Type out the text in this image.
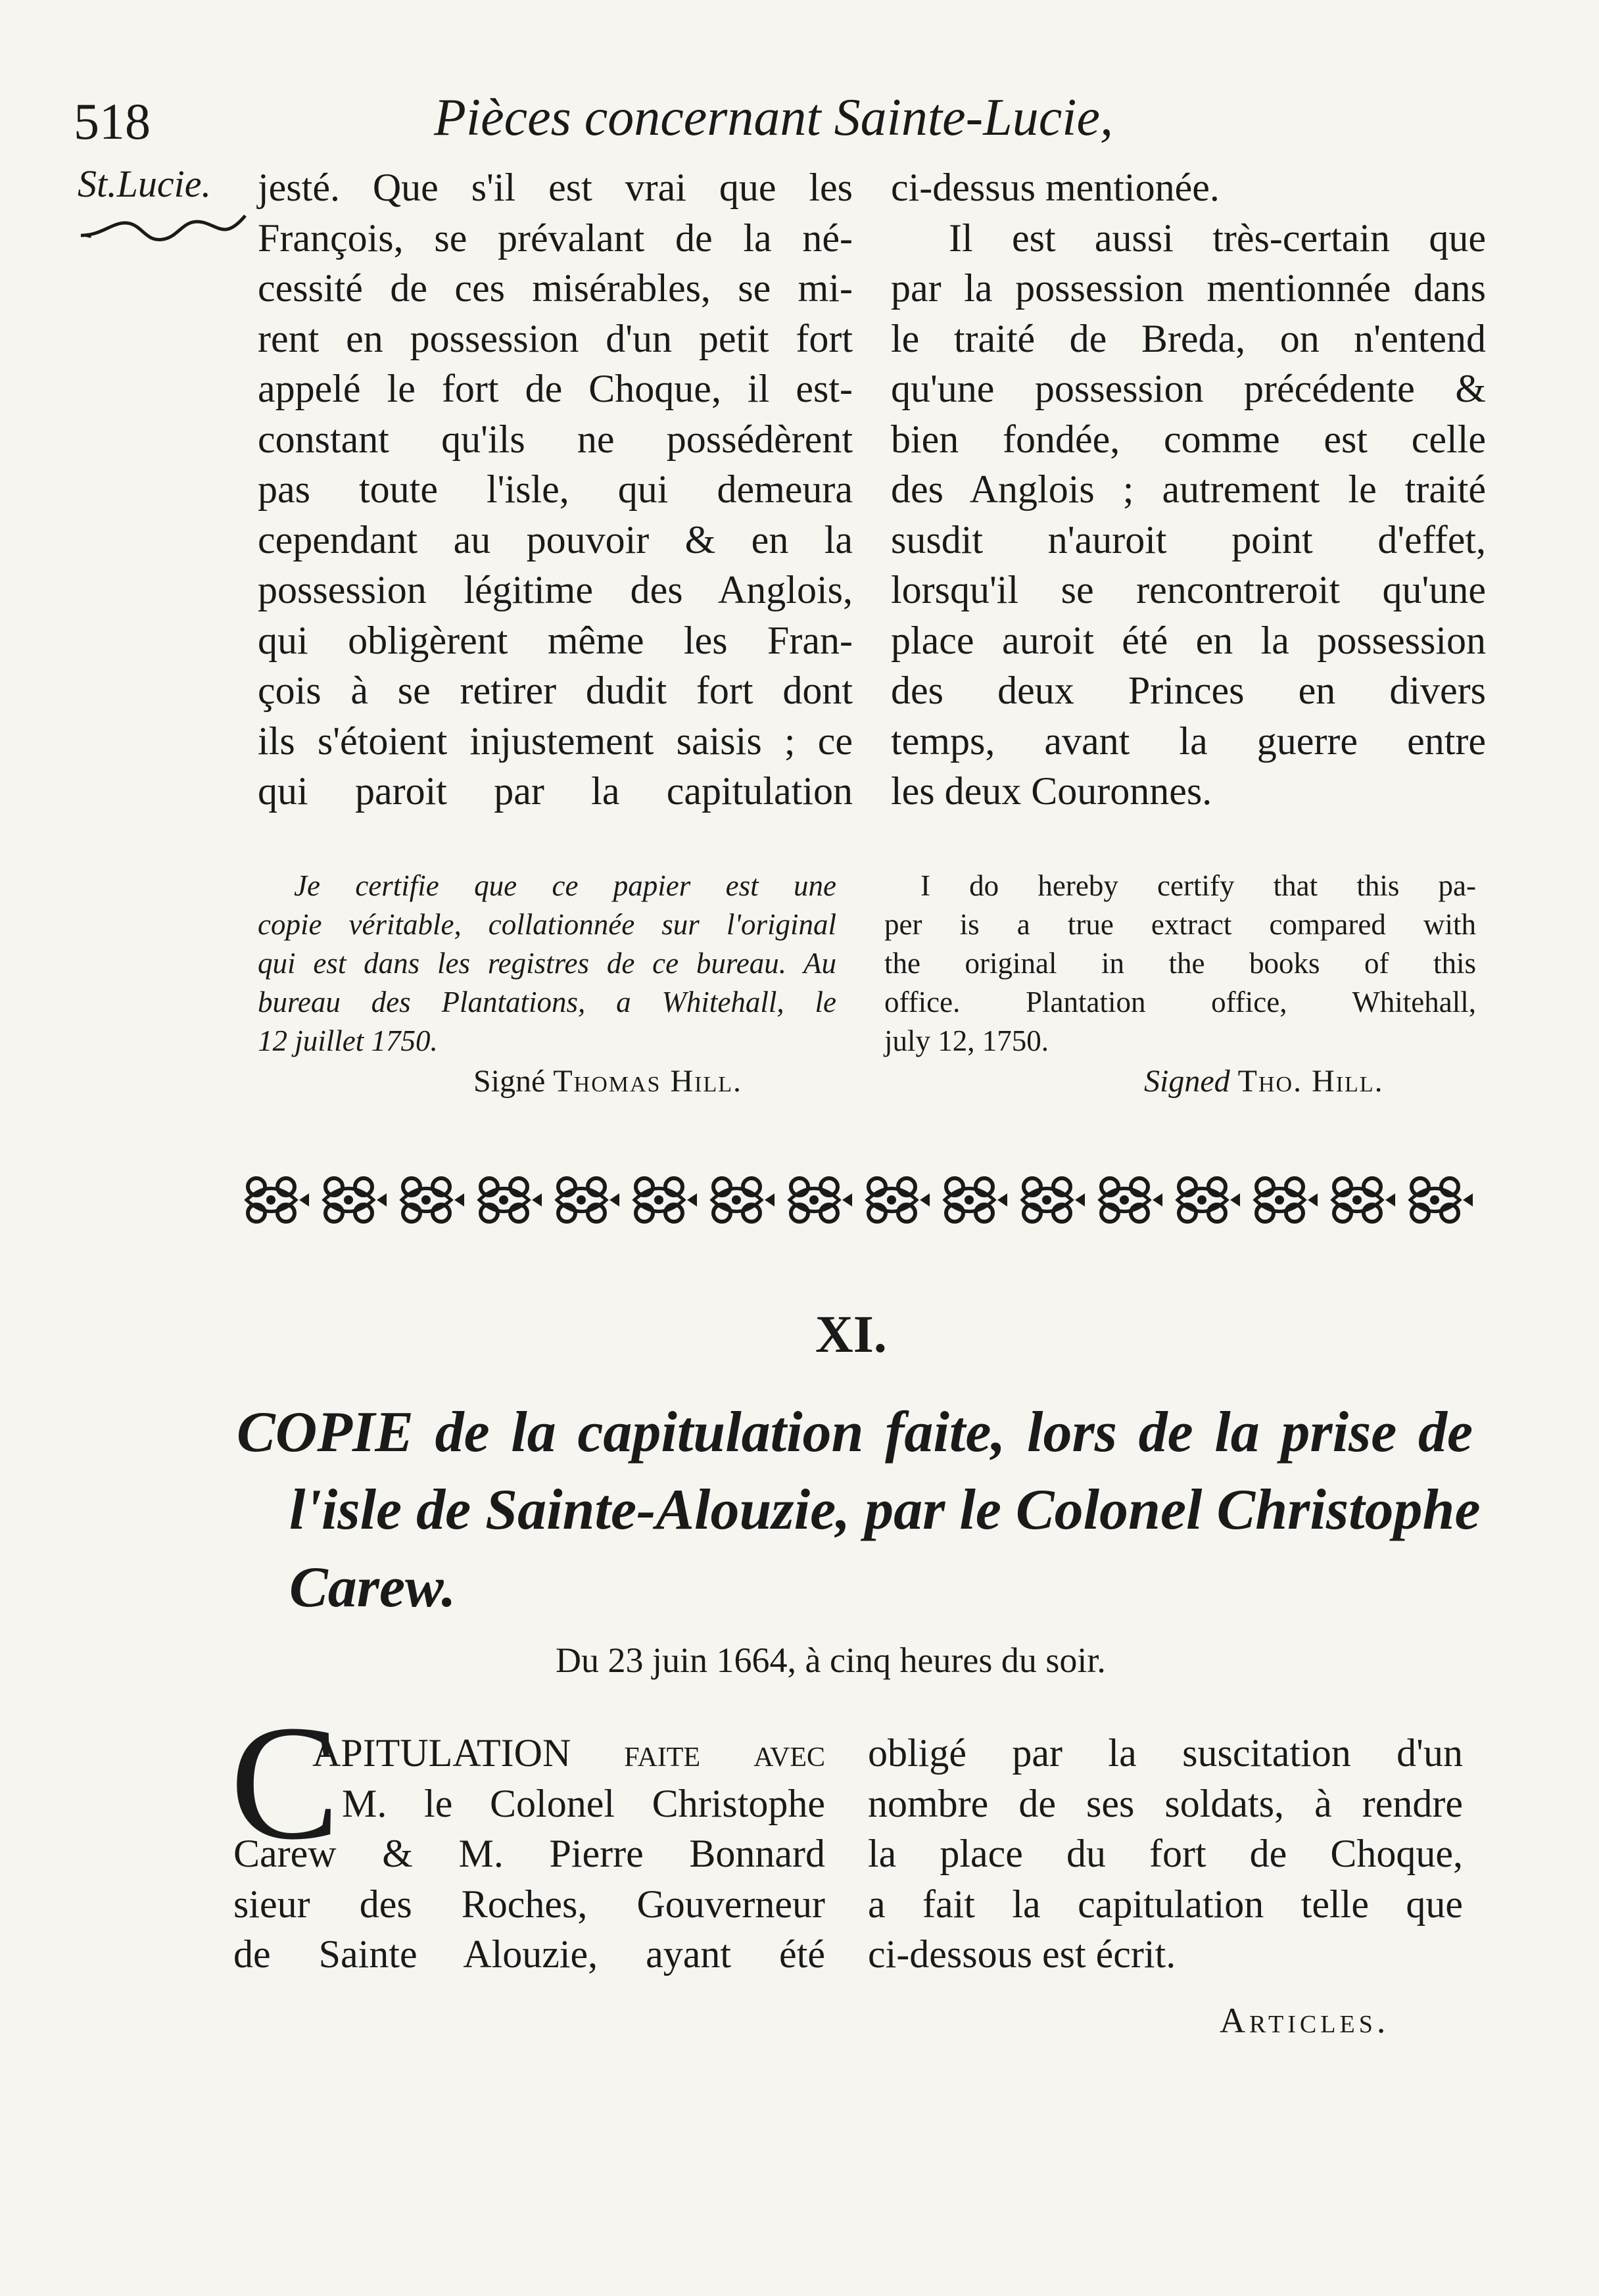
518	Pièces concernant Sainte-Lucie,
St.Lucie. jesté. Que s'il est vrai que les
François, se prévalant de la né-
cessité de ces misérables, se mi-
rent en possession d'un petit fort
appelé le fort de Choque, il est-
constant qu'ils ne possédèrent
pas toute l'isle, qui demeura
cependant au pouvoir & en la
possession légitime des Anglois,
qui obligèrent même les Fran-
çois à se retirer dudit fort dont
ils s'étoient injustement saisis ; ce
qui paroit par la capitulation
ci-dessus mentionée.
Il est aussi très-certain que
par la possession mentionnée dans
le traité de Breda, on n'entend
qu'une possession précédente &
bien fondée, comme est celle
des Anglois ; autrement le traité
susdit n'auroit point d'effet,
lorsqu'il se rencontreroit qu'une
place auroit été en la possession
des deux Princes en divers
temps, avant la guerre entre
les deux Couronnes.
Je certifie que ce papier est une
copie véritable, collationnée sur l'original
qui est dans les registres de ce bureau. Au
bureau des Plantations, a Whitehall, le
12 juillet 1750.
Signé Thomas Hill.
I do hereby certify that this pa-
per is a true extract compared with
the original in the books of this
office. Plantation office, Whitehall,
july 12, 1750.
Signed Tho. Hill.
XI.
COPIE de la capitulation faite, lors de la prise de
l'isle de Sainte-Alouzie, par le Colonel Christophe
Carew.
Du 23 juin 1664, à cinq heures du soir.
C
APITULATION faite avec
M. le Colonel Christophe
Carew & M. Pierre Bonnard
sieur des Roches, Gouverneur
de Sainte Alouzie, ayant été
obligé par la suscitation d'un
nombre de ses soldats, à rendre
la place du fort de Choque,
a fait la capitulation telle que
ci-dessous est écrit.
Articles.
